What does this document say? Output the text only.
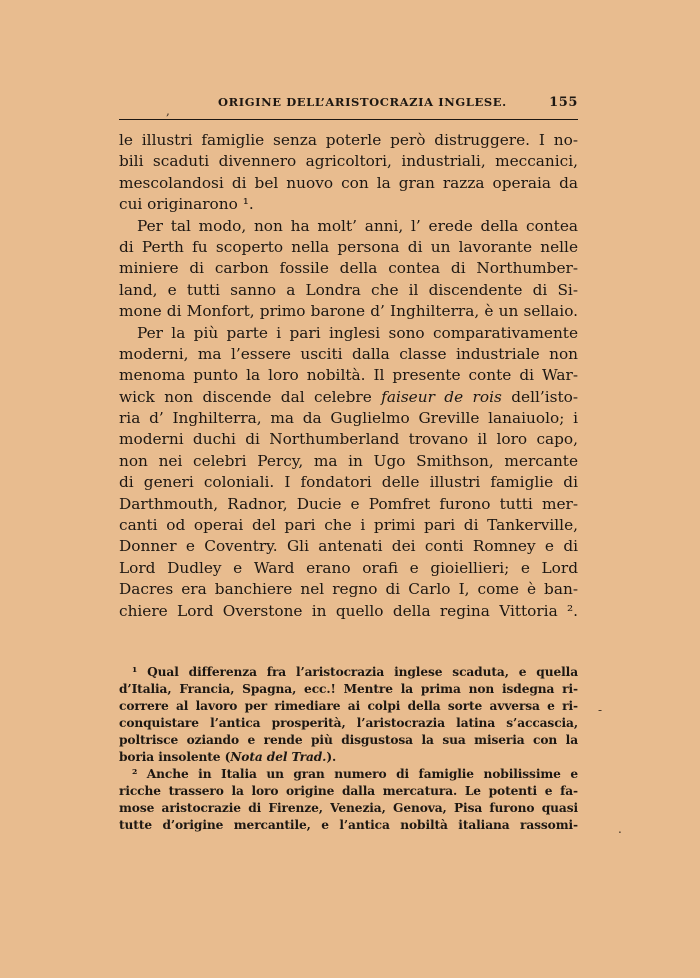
ORIGINE DELL’ARISTOCRAZIA INGLESE.	155
le illustri famiglie senza poterle però distruggere. I no-
bili scaduti divennero agricoltori, industriali, meccanici,
mescolandosi di bel nuovo con la gran razza operaia da
cui originarono ¹.
Per tal modo, non ha molt’ anni, l’ erede della contea
di Perth fu scoperto nella persona di un lavorante nelle
miniere di carbon fossile della contea di Northumber-
land, e tutti sanno a Londra che il discendente di Si-
mone di Monfort, primo barone d’ Inghilterra, è un sellaio.
Per la più parte i pari inglesi sono comparativamente
moderni, ma l’essere usciti dalla classe industriale non
menoma punto la loro nobiltà. Il presente conte di War-
wick non discende dal celebre faiseur de rois dell’isto-
ria d’ Inghilterra, ma da Guglielmo Greville lanaiuolo; i
moderni duchi di Northumberland trovano il loro capo,
non nei celebri Percy, ma in Ugo Smithson, mercante
di generi coloniali. I fondatori delle illustri famiglie di
Darthmouth, Radnor, Ducie e Pomfret furono tutti mer-
canti od operai del pari che i primi pari di Tankerville,
Donner e Coventry. Gli antenati dei conti Romney e di
Lord Dudley e Ward erano orafi e gioiellieri; e Lord
Dacres era banchiere nel regno di Carlo I, come è ban-
chiere Lord Overstone in quello della regina Vittoria ².
¹ Qual differenza fra l’aristocrazia inglese scaduta, e quella
d’Italia, Francia, Spagna, ecc.! Mentre la prima non isdegna ri-
correre al lavoro per rimediare ai colpi della sorte avversa e ri-
conquistare l’antica prosperità, l’aristocrazia latina s’accascia,
poltrisce oziando e rende più disgustosa la sua miseria con la
boria insolente (Nota del Trad.).
² Anche in Italia un gran numero di famiglie nobilissime e
ricche trassero la loro origine dalla mercatura. Le potenti e fa-
mose aristocrazie di Firenze, Venezia, Genova, Pisa furono quasi
tutte d’origine mercantile, e l’antica nobiltà italiana rassomi-
,
-
.
